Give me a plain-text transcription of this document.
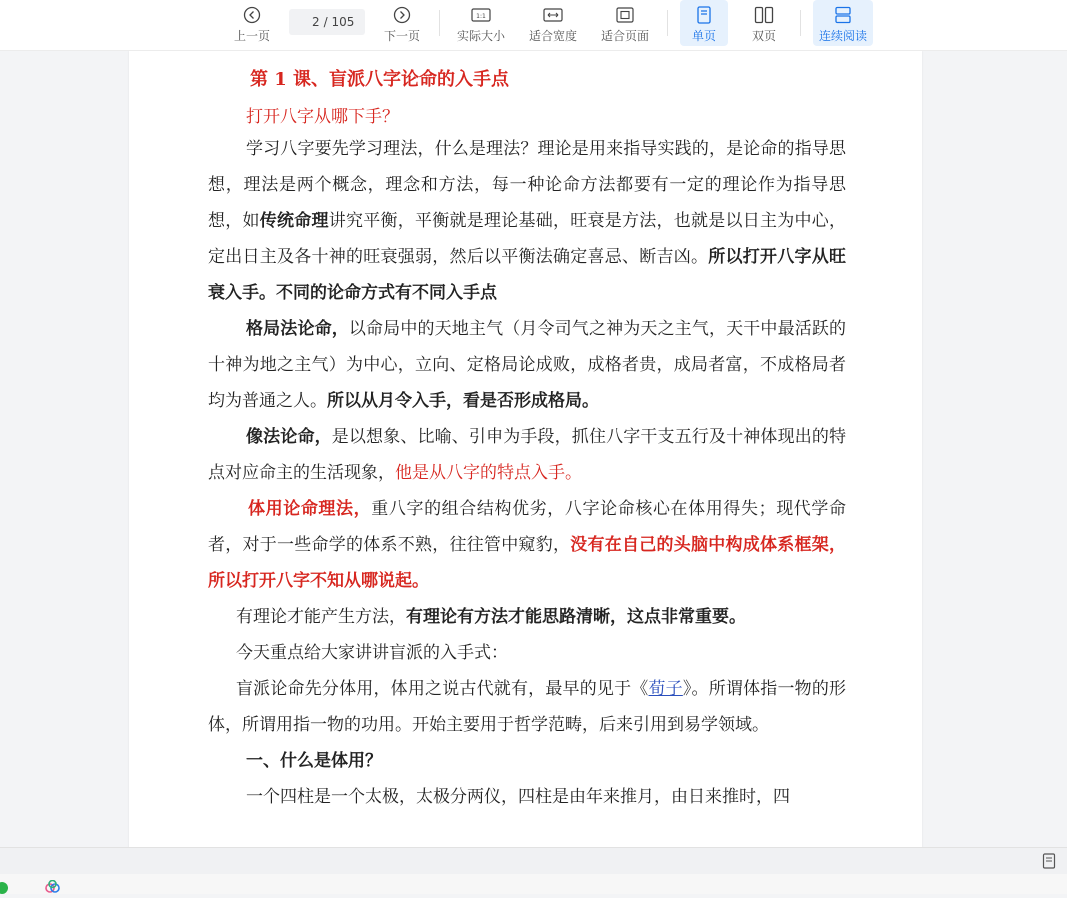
上一页
2
/ 105
下一页
1:1
实际大小 适合宽度 适合页面	单页	双页	连续阅读
第 1 课、盲派八字论命的入手点
打开八字从哪下手？

学习八字要先学习理法，什么是理法？理论是用来指导实践的，是论命的指导思想，理法是两个概念，理念和方法，每一种论命方法都要有一定的理论作为指导思想，如传统命理讲究平衡，平衡就是理论基础，旺衰是方法，也就是以日主为中心，定出日主及各十神的旺衰强弱，然后以平衡法确定喜忌、断吉凶。所以打开八字从旺衰入手。不同的论命方式有不同入手点

格局法论命，以命局中的天地主气（月令司气之神为天之主气，天干中最活跃的十神为地之主气）为中心，立向、定格局论成败，成格者贵，成局者富，不成格局者均为普通之人。所以从月令入手，看是否形成格局。

像法论命，是以想象、比喻、引申为手段，抓住八字干支五行及十神体现出的特点对应命主的生活现象，他是从八字的特点入手。

体用论命理法，重八字的组合结构优劣，八字论命核心在体用得失；现代学命者，对于一些命学的体系不熟，往往管中窥豹，没有在自己的头脑中构成体系框架，所以打开八字不知从哪说起。

有理论才能产生方法，有理论有方法才能思路清晰，这点非常重要。

今天重点给大家讲讲盲派的入手式：

盲派论命先分体用，体用之说古代就有，最早的见于《荀子》。所谓体指一物的形体，所谓用指一物的功用。开始主要用于哲学范畴，后来引用到易学领域。

一、什么是体用？

一个四柱是一个太极，太极分两仪，四柱是由年来推月，由日来推时，四
